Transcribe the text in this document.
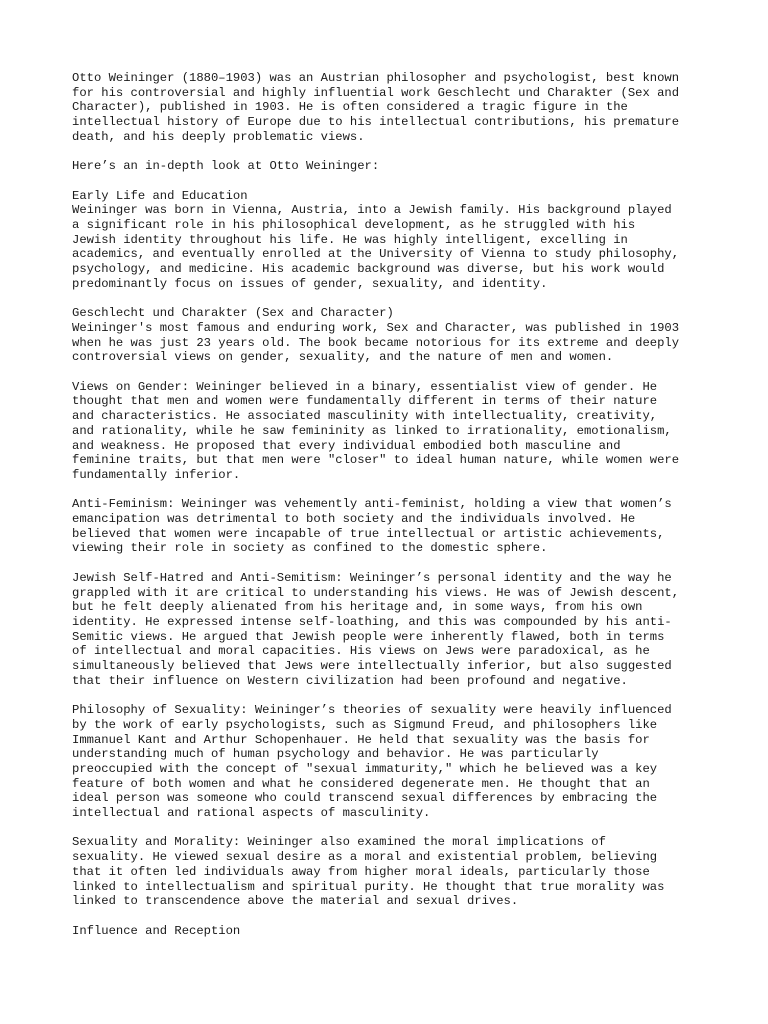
Otto Weininger (1880–1903) was an Austrian philosopher and psychologist, best known
for his controversial and highly influential work Geschlecht und Charakter (Sex and
Character), published in 1903. He is often considered a tragic figure in the
intellectual history of Europe due to his intellectual contributions, his premature
death, and his deeply problematic views.
Here’s an in-depth look at Otto Weininger:
Early Life and Education
Weininger was born in Vienna, Austria, into a Jewish family. His background played
a significant role in his philosophical development, as he struggled with his
Jewish identity throughout his life. He was highly intelligent, excelling in
academics, and eventually enrolled at the University of Vienna to study philosophy,
psychology, and medicine. His academic background was diverse, but his work would
predominantly focus on issues of gender, sexuality, and identity.
Geschlecht und Charakter (Sex and Character)
Weininger's most famous and enduring work, Sex and Character, was published in 1903
when he was just 23 years old. The book became notorious for its extreme and deeply
controversial views on gender, sexuality, and the nature of men and women.
Views on Gender: Weininger believed in a binary, essentialist view of gender. He
thought that men and women were fundamentally different in terms of their nature
and characteristics. He associated masculinity with intellectuality, creativity,
and rationality, while he saw femininity as linked to irrationality, emotionalism,
and weakness. He proposed that every individual embodied both masculine and
feminine traits, but that men were "closer" to ideal human nature, while women were
fundamentally inferior.
Anti-Feminism: Weininger was vehemently anti-feminist, holding a view that women’s
emancipation was detrimental to both society and the individuals involved. He
believed that women were incapable of true intellectual or artistic achievements,
viewing their role in society as confined to the domestic sphere.
Jewish Self-Hatred and Anti-Semitism: Weininger’s personal identity and the way he
grappled with it are critical to understanding his views. He was of Jewish descent,
but he felt deeply alienated from his heritage and, in some ways, from his own
identity. He expressed intense self-loathing, and this was compounded by his anti-
Semitic views. He argued that Jewish people were inherently flawed, both in terms
of intellectual and moral capacities. His views on Jews were paradoxical, as he
simultaneously believed that Jews were intellectually inferior, but also suggested
that their influence on Western civilization had been profound and negative.
Philosophy of Sexuality: Weininger’s theories of sexuality were heavily influenced
by the work of early psychologists, such as Sigmund Freud, and philosophers like
Immanuel Kant and Arthur Schopenhauer. He held that sexuality was the basis for
understanding much of human psychology and behavior. He was particularly
preoccupied with the concept of "sexual immaturity," which he believed was a key
feature of both women and what he considered degenerate men. He thought that an
ideal person was someone who could transcend sexual differences by embracing the
intellectual and rational aspects of masculinity.
Sexuality and Morality: Weininger also examined the moral implications of
sexuality. He viewed sexual desire as a moral and existential problem, believing
that it often led individuals away from higher moral ideals, particularly those
linked to intellectualism and spiritual purity. He thought that true morality was
linked to transcendence above the material and sexual drives.
Influence and Reception
